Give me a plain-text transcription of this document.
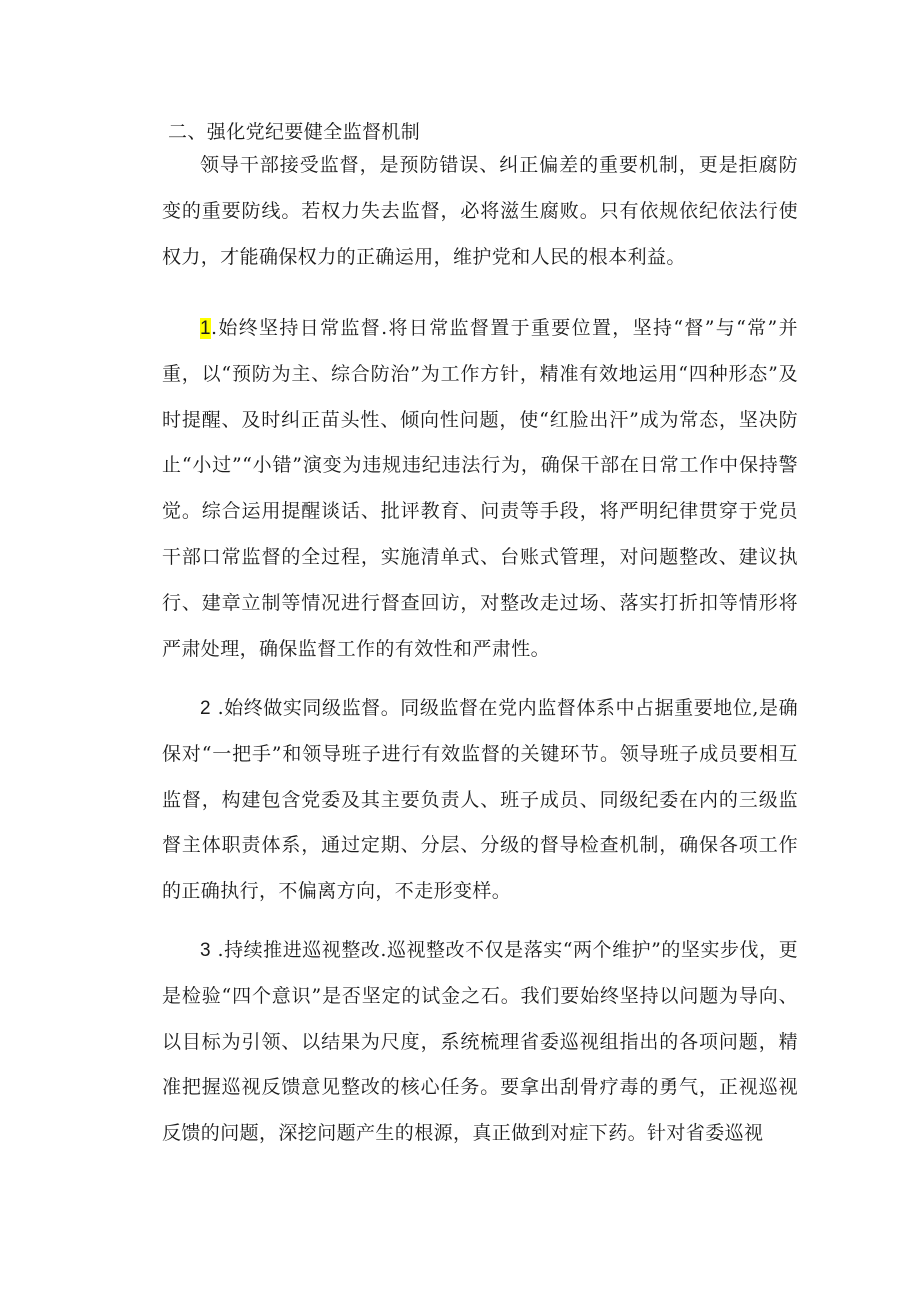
二、强化党纪要健全监督机制
领导干部接受监督，是预防错误、纠正偏差的重要机制，更是拒腐防变的重要防线。若权力失去监督，必将滋生腐败。只有依规依纪依法行使权力，才能确保权力的正确运用，维护党和人民的根本利益。
1.始终坚持日常监督.将日常监督置于重要位置，坚持“督”与“常”并重，以“预防为主、综合防治”为工作方针，精准有效地运用“四种形态”及时提醒、及时纠正苗头性、倾向性问题，使“红脸出汗”成为常态，坚决防止“小过”“小错”演变为违规违纪违法行为，确保干部在日常工作中保持警觉。综合运用提醒谈话、批评教育、问责等手段，将严明纪律贯穿于党员干部口常监督的全过程，实施清单式、台账式管理，对问题整改、建议执行、建章立制等情况进行督查回访，对整改走过场、落实打折扣等情形将严肃处理，确保监督工作的有效性和严肃性。
2 .始终做实同级监督。同级监督在党内监督体系中占据重要地位,是确保对“一把手”和领导班子进行有效监督的关键环节。领导班子成员要相互监督，构建包含党委及其主要负责人、班子成员、同级纪委在内的三级监督主体职责体系，通过定期、分层、分级的督导检查机制，确保各项工作的正确执行，不偏离方向，不走形变样。
3 .持续推进巡视整改.巡视整改不仅是落实“两个维护”的坚实步伐，更是检验“四个意识”是否坚定的试金之石。我们要始终坚持以问题为导向、以目标为引领、以结果为尺度，系统梳理省委巡视组指出的各项问题，精准把握巡视反馈意见整改的核心任务。要拿出刮骨疗毒的勇气，正视巡视反馈的问题，深挖问题产生的根源，真正做到对症下药。针对省委巡视
